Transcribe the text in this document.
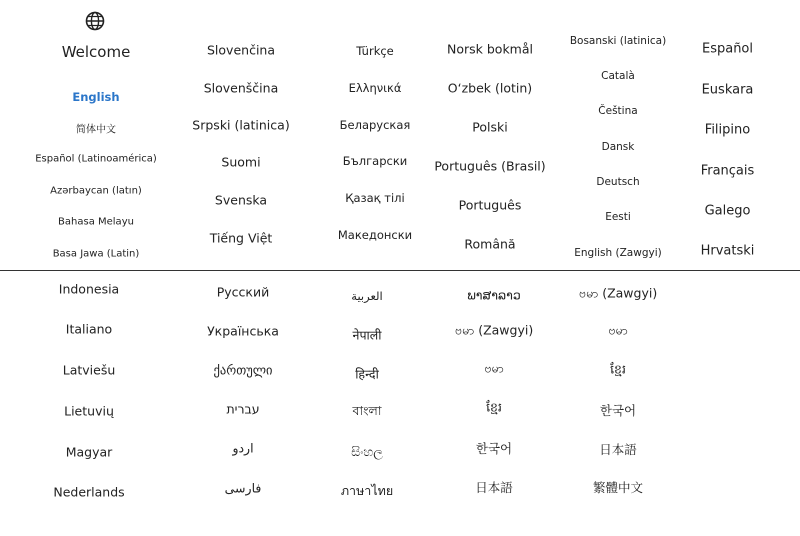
Welcome
English
简体中文
Español (Latinoamérica)
Azərbaycan (latın)
Bahasa Melayu
Basa Jawa (Latin)
Slovenčina
Slovenščina
Srpski (latinica)
Suomi
Svenska
Tiếng Việt
Türkçe
Ελληνικά
Беларуская
Български
Қазақ тілі
Македонски
Norsk bokmål
O‘zbek (lotin)
Polski
Português (Brasil)
Português
Română
Bosanski (latinica)
Català
Čeština
Dansk
Deutsch
Eesti
English (Zawgyi)
Español
Euskara
Filipino
Français
Galego
Hrvatski
Indonesia
Italiano
Latviešu
Lietuvių
Magyar
Nederlands
Русский
Українська
ქართული
עברית
اردو
فارسی
العربية
नेपाली
हिन्दी
বাংলা
සිංහල
ภาษาไทย
ພາສາລາວ
ဗမာ (Zawgyi)
ဗမာ
ខ្មែរ
한국어
日本語
ဗမာ (Zawgyi)
ဗမာ
ខ្មែរ
한국어
日本語
繁體中文
